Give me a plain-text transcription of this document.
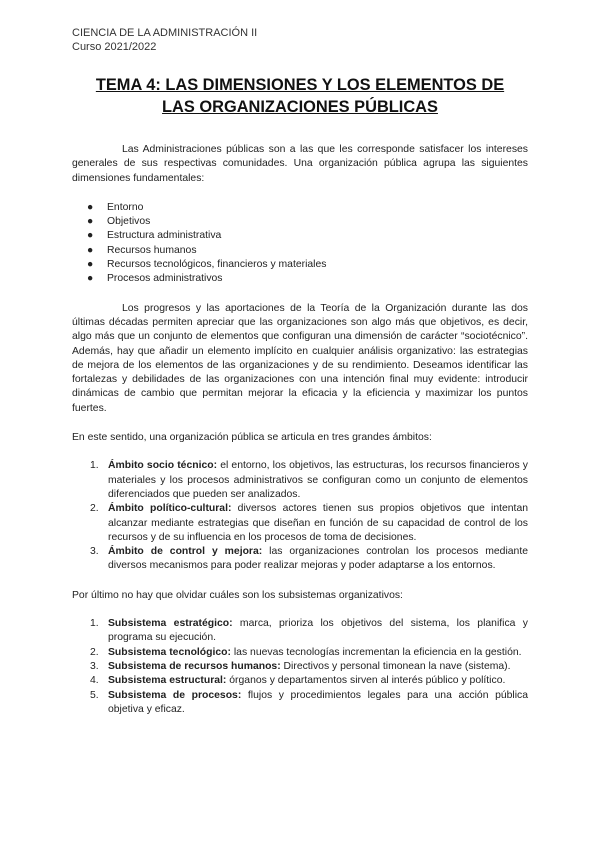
CIENCIA DE LA ADMINISTRACIÓN II
Curso 2021/2022
TEMA 4: LAS DIMENSIONES Y LOS ELEMENTOS DE
LAS ORGANIZACIONES PÚBLICAS

Las Administraciones públicas son a las que les corresponde satisfacer los intereses generales de sus respectivas comunidades. Una organización pública agrupa las siguientes dimensiones fundamentales:

● Entorno
● Objetivos
● Estructura administrativa
● Recursos humanos
● Recursos tecnológicos, financieros y materiales
● Procesos administrativos

Los progresos y las aportaciones de la Teoría de la Organización durante las dos últimas décadas permiten apreciar que las organizaciones son algo más que objetivos, es decir, algo más que un conjunto de elementos que configuran una dimensión de carácter “sociotécnico”. Además, hay que añadir un elemento implícito en cualquier análisis organizativo: las estrategias de mejora de los elementos de las organizaciones y de su rendimiento. Deseamos identificar las fortalezas y debilidades de las organizaciones con una intención final muy evidente: introducir dinámicas de cambio que permitan mejorar la eficacia y la eficiencia y maximizar los puntos fuertes.

En este sentido, una organización pública se articula en tres grandes ámbitos:

1. Ámbito socio técnico: el entorno, los objetivos, las estructuras, los recursos financieros y materiales y los procesos administrativos se configuran como un conjunto de elementos diferenciados que pueden ser analizados.
2. Ámbito político-cultural: diversos actores tienen sus propios objetivos que intentan alcanzar mediante estrategias que diseñan en función de su capacidad de control de los recursos y de su influencia en los procesos de toma de decisiones.
3. Ámbito de control y mejora: las organizaciones controlan los procesos mediante diversos mecanismos para poder realizar mejoras y poder adaptarse a los entornos.

Por último no hay que olvidar cuáles son los subsistemas organizativos:

1. Subsistema estratégico: marca, prioriza los objetivos del sistema, los planifica y programa su ejecución.
2. Subsistema tecnológico: las nuevas tecnologías incrementan la eficiencia en la gestión.
3. Subsistema de recursos humanos: Directivos y personal timonean la nave (sistema).
4. Subsistema estructural: órganos y departamentos sirven al interés público y político.
5. Subsistema de procesos: flujos y procedimientos legales para una acción pública objetiva y eficaz.
